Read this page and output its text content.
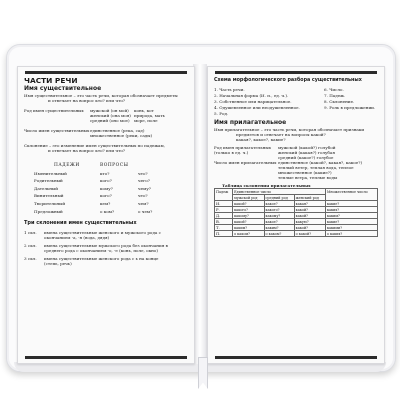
ЧАСТИ РЕЧИ
Имя существительное
Имя существительное – это часть речи, которая обозначает предметы
и отвечает на вопрос кто? или что?
Род имен существительных	мужской (он мой) конь, кот
женский (она моя) природа, мать
средний (оно мое) море, поле
Число имен существительных единственное (река, сад)
множественное (реки, сады)
Склонение – это изменение имен существительных по падежам,
и отвечает на вопрос кто? или что?
ПАДЕЖИ	ВОПРОСЫ
Именительный	кто?	что?
Родительный	кого?	чего?
Дательный	кому?	чему?
Винительный	кого?	что?
Творительный	кем?	чем?
Предложный	о ком?	о чем?
Три склонения имен существительных
1 скл.	имена существительные женского и мужского рода с
окончанием -а, -я (вода, дядя)
2 скл.	имена существительные мужского рода без окончания в
среднего рода с окончанием -о, -е (конь, поле, окно)
3 скл.	имена существительные женского рода с ь на конце
(степь, речь)
Схема морфологического разбора существительных
1. Часть речи.	6. Число.
2. Начальная форма (И. п., ед. ч.).	7. Падеж.
3. Собственное или нарицательное.	8. Склонение.
4. Одушевленное или неодушевленное.	9. Роль в предложении.
5. Род.
Имя прилагательное
Имя прилагательное – это часть речи, которая обозначает признаки
предметов и отвечает на вопросы какой?
какая?, какое?, какие?
Род имен прилагательных
(только в ед. ч.)
мужской (какой?) голубой
женский (какая?) голубая
средний (какое?) голубое
Число имен прилагательных единственное (какой?, какая?, какое?)
теплый ветер, теплая вода, теплое
множественное (какие?)
теплые ветра, теплые воды
Таблица склонения прилагательных
Падеж	Единственное число			Множественное число
	мужской род	средний род	женский род	
И.	какой?	какое?	какая?	какие?
Р.	какого?	какого?	какой?	каких?
Д.	какому?	какому?	какой?	каким?
В.	какой?	какое?	какую?	какие?
Т.	каким?	каким?	какой?	какими?
П.	о каком?	о каком?	о какой?	о каких?
